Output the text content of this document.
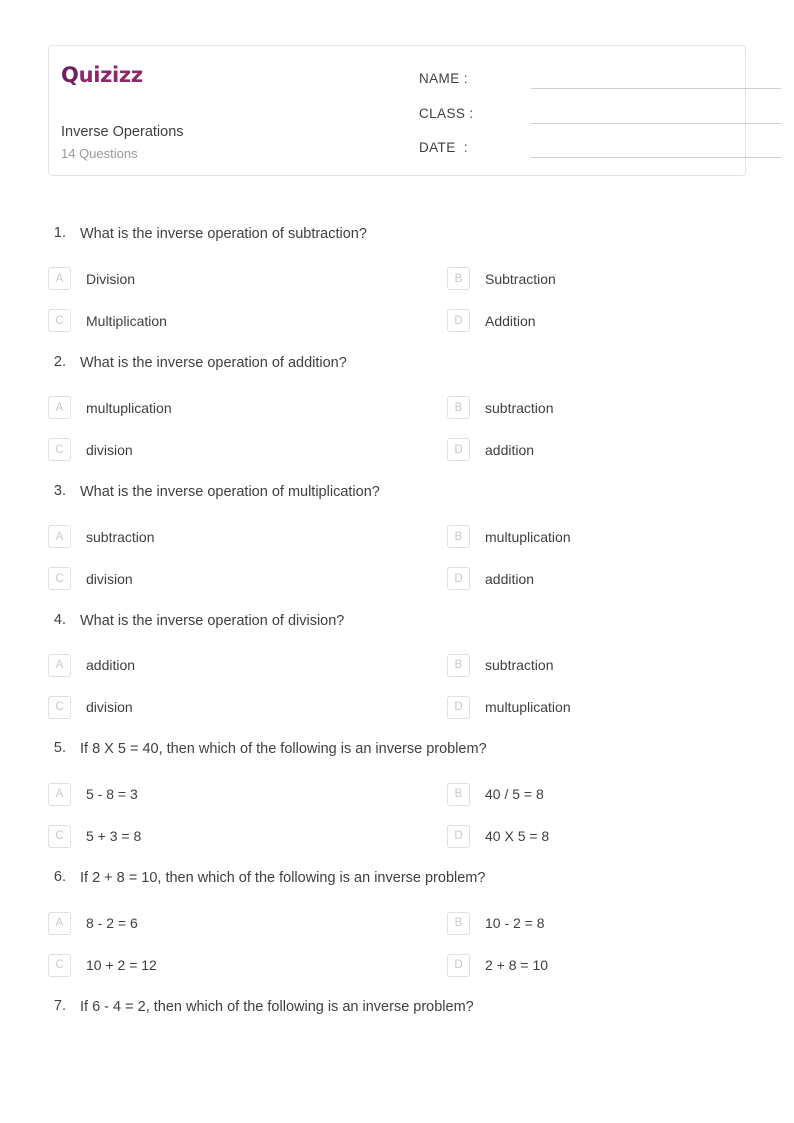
Quizizz
Inverse Operations
14 Questions
NAME :
CLASS :
DATE  :
1. What is the inverse operation of subtraction?
A	Division	B	Subtraction
C	Multiplication	D	Addition
2. What is the inverse operation of addition?
A	multuplication	B	subtraction
C	division	D	addition
3. What is the inverse operation of multiplication?
A	subtraction	B	multuplication
C	division	D	addition
4. What is the inverse operation of division?
A	addition	B	subtraction
C	division	D	multuplication
5. If 8 X 5 = 40, then which of the following is an inverse problem?
A	5 - 8 = 3	B	40 / 5 = 8
C	5 + 3 = 8	D	40 X 5 = 8
6. If 2 + 8 = 10, then which of the following is an inverse problem?
A	8 - 2 = 6	B	10 - 2 = 8
C	10 + 2 = 12	D	2 + 8 = 10
7. If 6 - 4 = 2, then which of the following is an inverse problem?
